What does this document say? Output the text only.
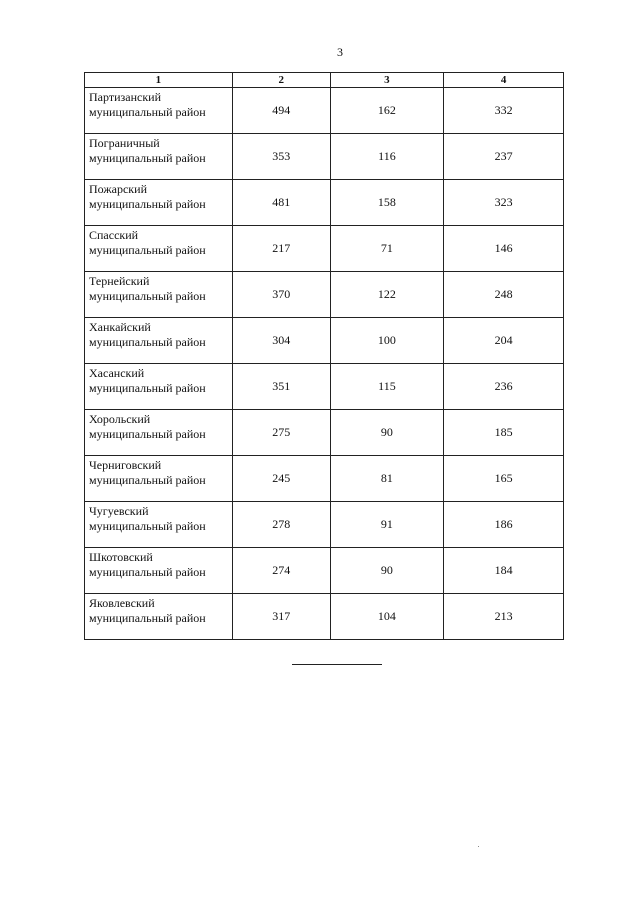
3
1	2	3	4
Партизанский
муниципальный район	494	162	332
Пограничный
муниципальный район	353	116	237
Пожарский
муниципальный район	481	158	323
Спасский
муниципальный район	217	71	146
Тернейский
муниципальный район	370	122	248
Ханкайский
муниципальный район	304	100	204
Хасанский
муниципальный район	351	115	236
Хорольский
муниципальный район	275	90	185
Черниговский
муниципальный район	245	81	165
Чугуевский
муниципальный район	278	91	186
Шкотовский
муниципальный район	274	90	184
Яковлевский
муниципальный район	317	104	213
